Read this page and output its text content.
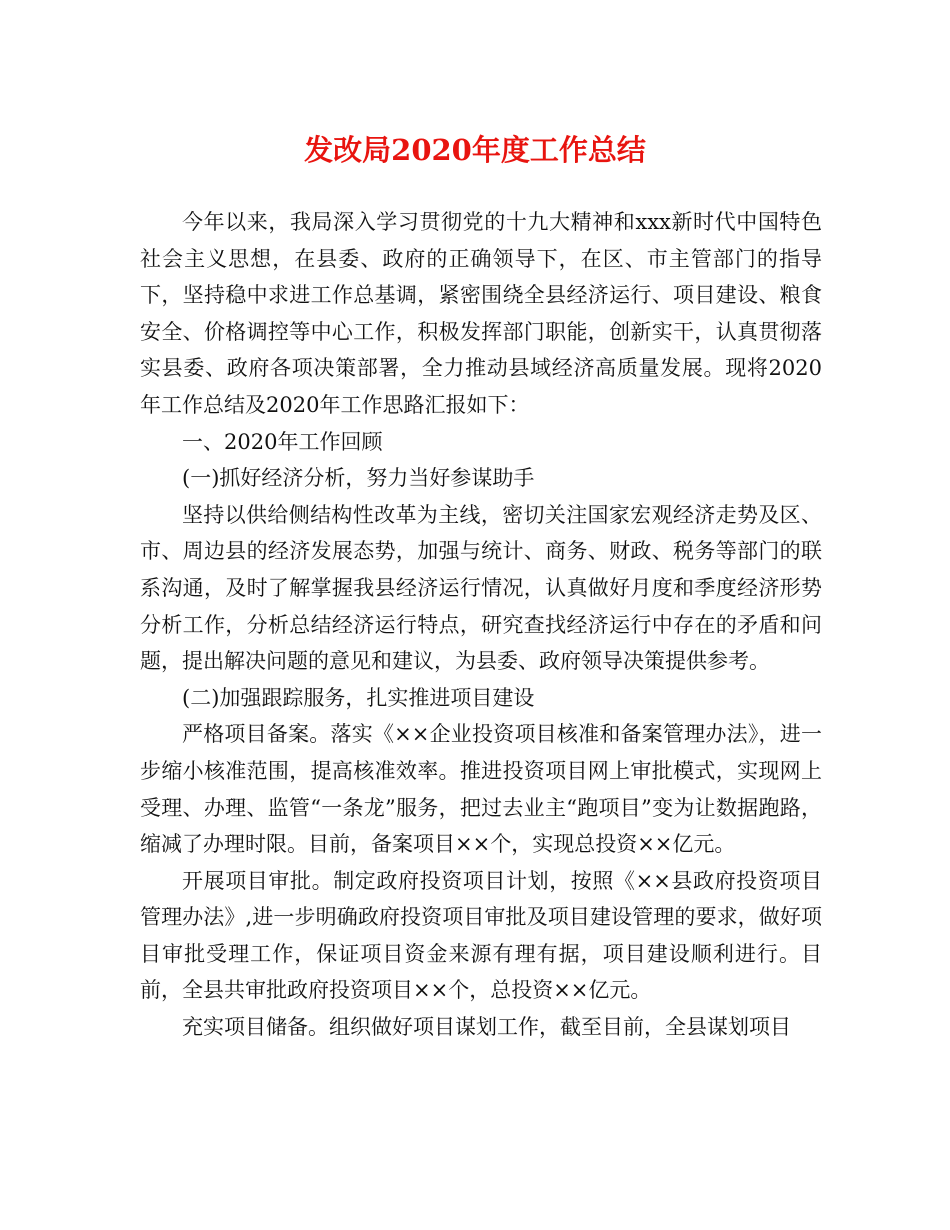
发改局2020年度工作总结

今年以来，我局深入学习贯彻党的十九大精神和xxx新时代中国特色社会主义思想，在县委、政府的正确领导下，在区、市主管部门的指导下，坚持稳中求进工作总基调，紧密围绕全县经济运行、项目建设、粮食安全、价格调控等中心工作，积极发挥部门职能，创新实干，认真贯彻落实县委、政府各项决策部署，全力推动县域经济高质量发展。现将2020年工作总结及2020年工作思路汇报如下：

一、2020年工作回顾

(一)抓好经济分析，努力当好参谋助手

坚持以供给侧结构性改革为主线，密切关注国家宏观经济走势及区、市、周边县的经济发展态势，加强与统计、商务、财政、税务等部门的联系沟通，及时了解掌握我县经济运行情况，认真做好月度和季度经济形势分析工作，分析总结经济运行特点，研究查找经济运行中存在的矛盾和问题，提出解决问题的意见和建议，为县委、政府领导决策提供参考。

(二)加强跟踪服务，扎实推进项目建设

严格项目备案。落实《××企业投资项目核准和备案管理办法》，进一步缩小核准范围，提高核准效率。推进投资项目网上审批模式，实现网上受理、办理、监管“一条龙”服务，把过去业主“跑项目”变为让数据跑路，缩减了办理时限。目前，备案项目××个，实现总投资××亿元。

开展项目审批。制定政府投资项目计划，按照《××县政府投资项目管理办法》,进一步明确政府投资项目审批及项目建设管理的要求，做好项目审批受理工作，保证项目资金来源有理有据，项目建设顺利进行。目前，全县共审批政府投资项目××个，总投资××亿元。

充实项目储备。组织做好项目谋划工作，截至目前，全县谋划项目
